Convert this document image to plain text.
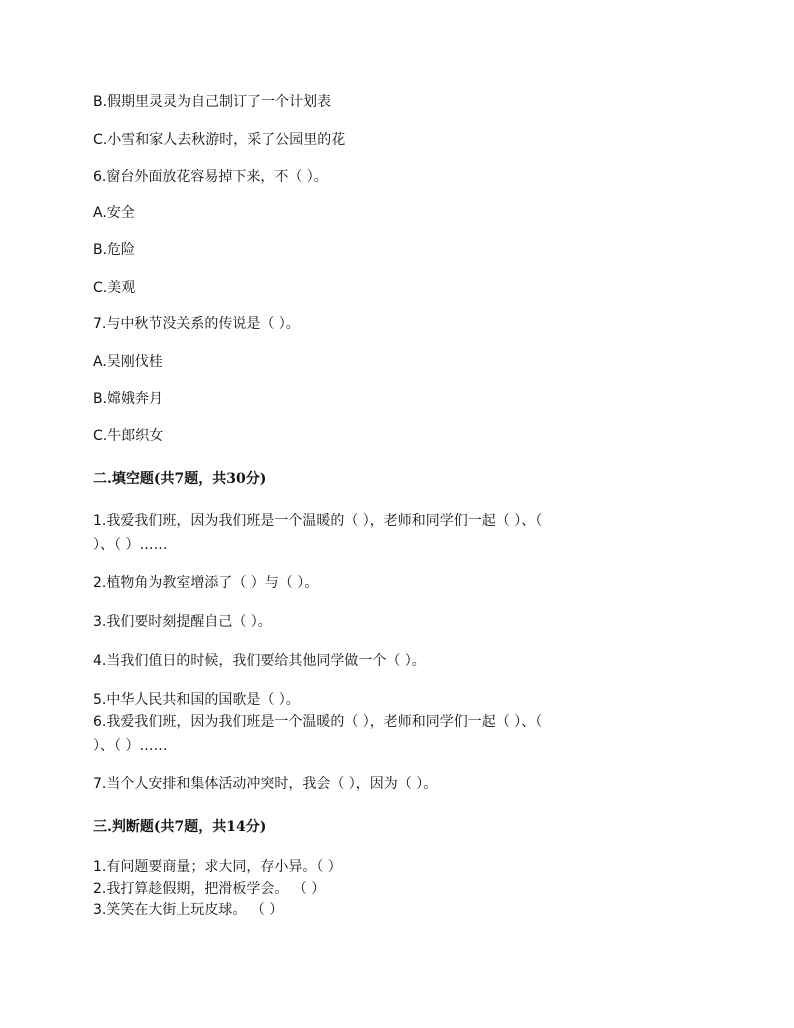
B.假期里灵灵为自己制订了一个计划表
C.小雪和家人去秋游时，采了公园里的花
6.窗台外面放花容易掉下来，不（ ）。
A.安全
B.危险
C.美观
7.与中秋节没关系的传说是（ ）。
A.吴刚伐桂
B.嫦娥奔月
C.牛郎织女
二.填空题(共7题，共30分)
1.我爱我们班，因为我们班是一个温暖的（ ），老师和同学们一起（ ）、（
）、（ ）……
2.植物角为教室增添了（ ）与（ ）。
3.我们要时刻提醒自己（ ）。
4.当我们值日的时候，我们要给其他同学做一个（ ）。
5.中华人民共和国的国歌是（ ）。
6.我爱我们班，因为我们班是一个温暖的（ ），老师和同学们一起（ ）、（
）、（ ）……
7.当个人安排和集体活动冲突时，我会（ ），因为（ ）。
三.判断题(共7题，共14分)
1.有问题要商量；求大同，存小异。（ ）
2.我打算趁假期，把滑板学会。 （ ）
3.笑笑在大街上玩皮球。 （ ）
